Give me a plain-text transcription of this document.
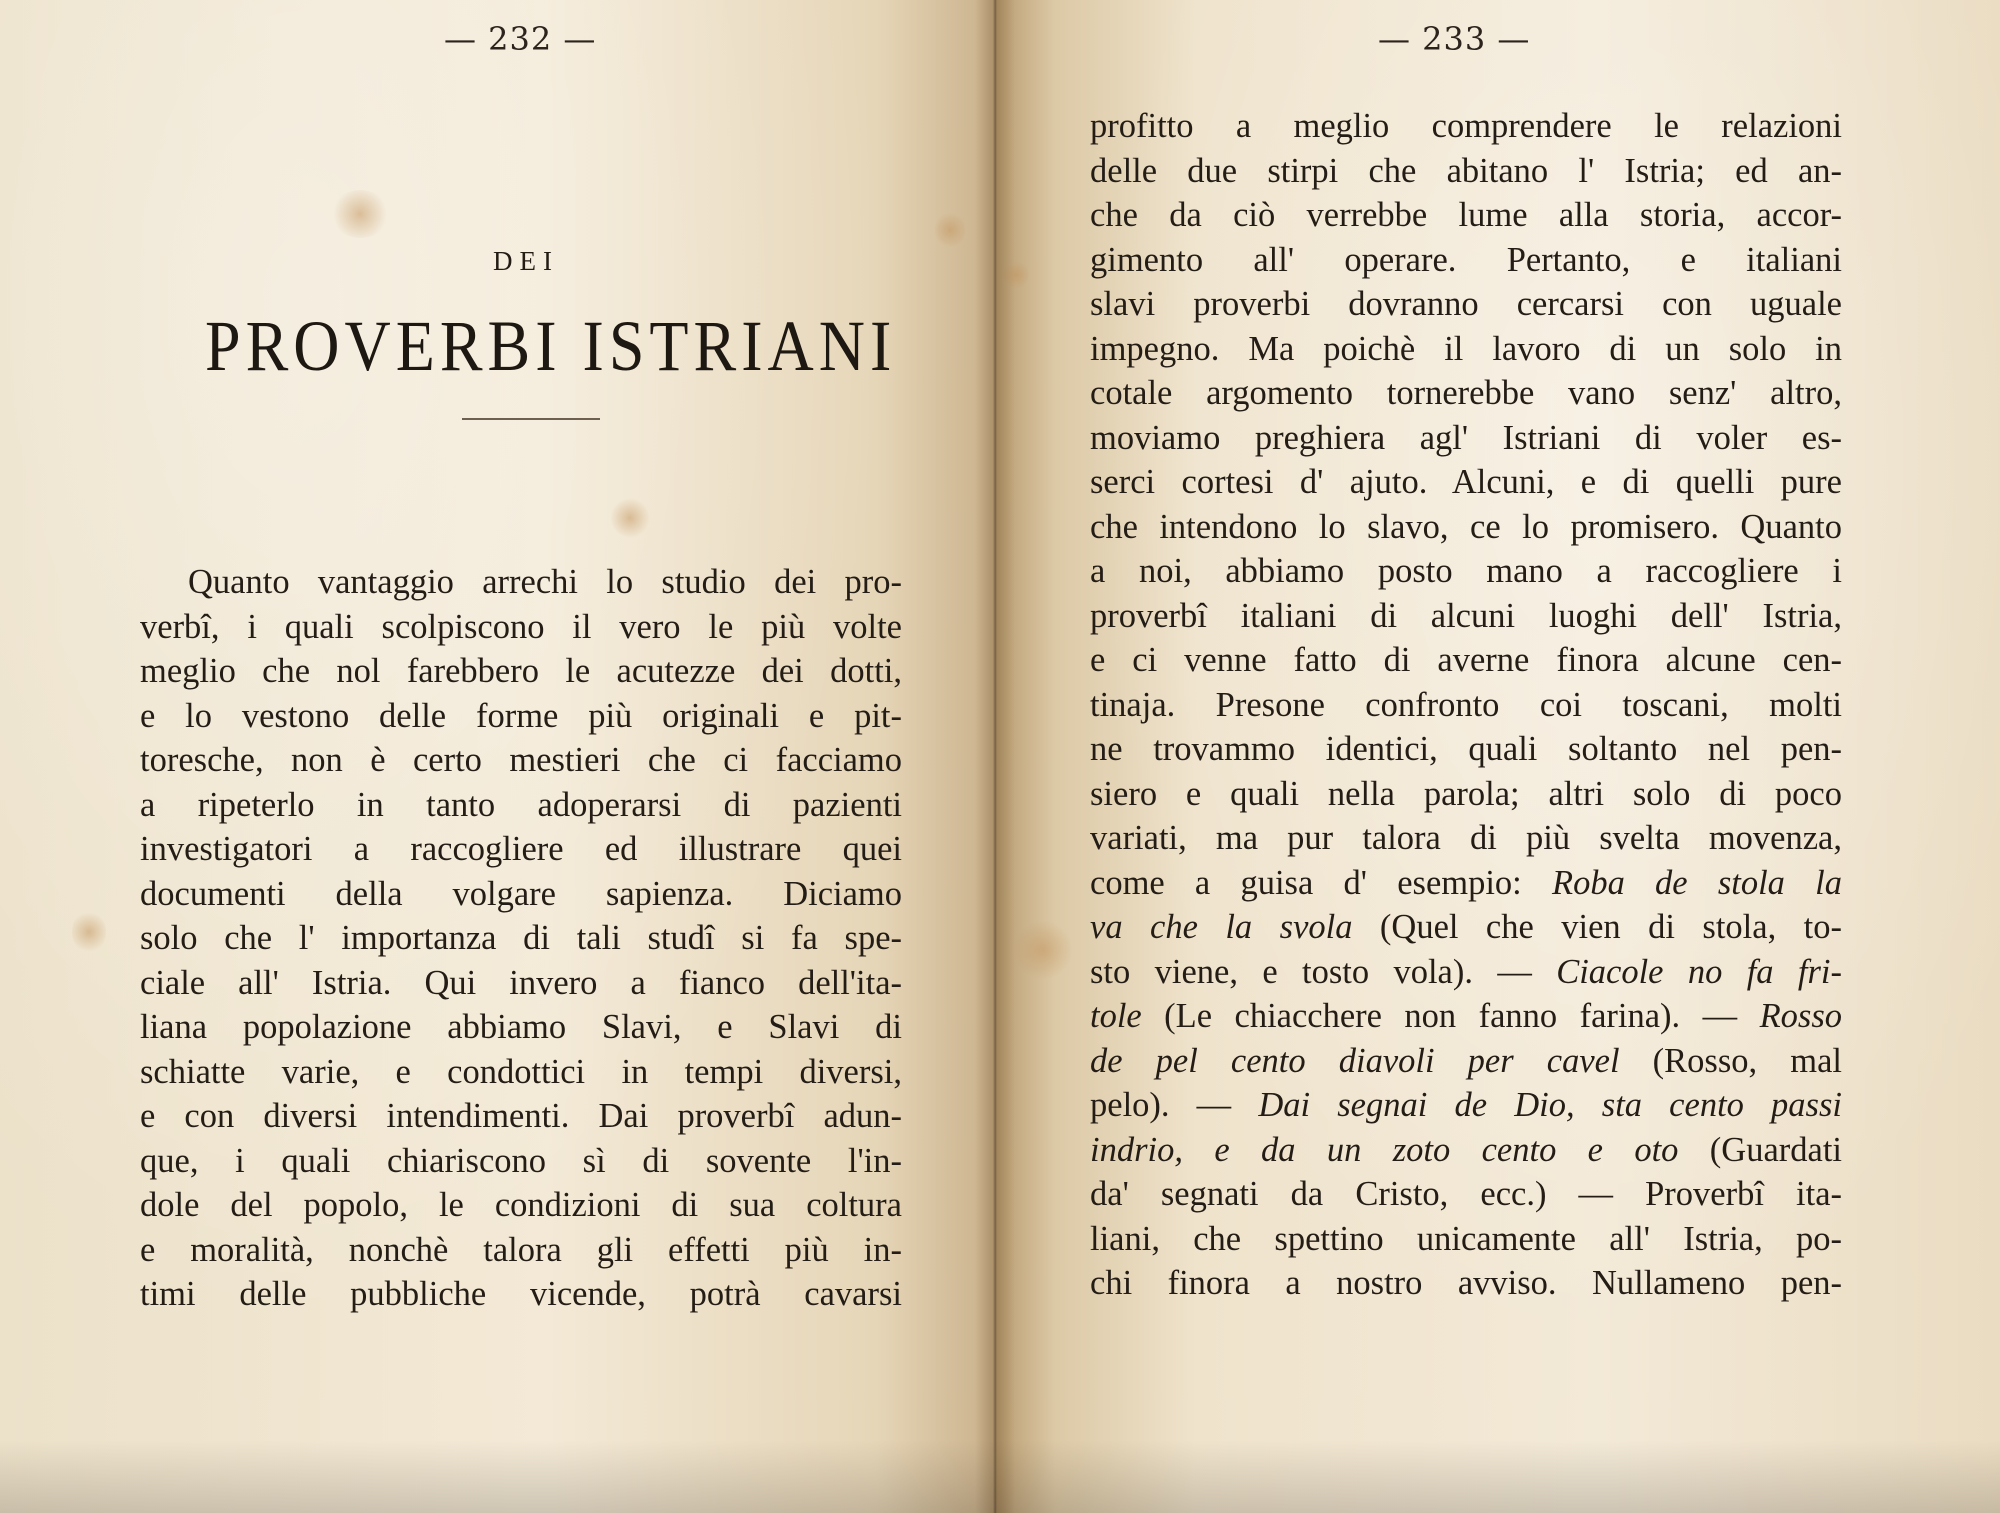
— 232 —
DEI
PROVERBI ISTRIANI
Quanto vantaggio arrechi lo studio dei pro-
verbî, i quali scolpiscono il vero le più volte
meglio che nol farebbero le acutezze dei dotti,
e lo vestono delle forme più originali e pit-
toresche, non è certo mestieri che ci facciamo
a ripeterlo in tanto adoperarsi di pazienti
investigatori a raccogliere ed illustrare quei
documenti della volgare sapienza. Diciamo
solo che l' importanza di tali studî si fa spe-
ciale all' Istria. Qui invero a fianco dell'ita-
liana popolazione abbiamo Slavi, e Slavi di
schiatte varie, e condottici in tempi diversi,
e con diversi intendimenti. Dai proverbî adun-
que, i quali chiariscono sì di sovente l'in-
dole del popolo, le condizioni di sua coltura
e moralità, nonchè talora gli effetti più in-
timi delle pubbliche vicende, potrà cavarsi
— 233 —
profitto a meglio comprendere le relazioni
delle due stirpi che abitano l' Istria; ed an-
che da ciò verrebbe lume alla storia, accor-
gimento all' operare. Pertanto, e italiani
slavi proverbi dovranno cercarsi con uguale
impegno. Ma poichè il lavoro di un solo in
cotale argomento tornerebbe vano senz' altro,
moviamo preghiera agl' Istriani di voler es-
serci cortesi d' ajuto. Alcuni, e di quelli pure
che intendono lo slavo, ce lo promisero. Quanto
a noi, abbiamo posto mano a raccogliere i
proverbî italiani di alcuni luoghi dell' Istria,
e ci venne fatto di averne finora alcune cen-
tinaja. Presone confronto coi toscani, molti
ne trovammo identici, quali soltanto nel pen-
siero e quali nella parola; altri solo di poco
variati, ma pur talora di più svelta movenza,
come a guisa d' esempio: Roba de stola la
va che la svola (Quel che vien di stola, to-
sto viene, e tosto vola). — Ciacole no fa fri-
tole (Le chiacchere non fanno farina). — Rosso
de pel cento diavoli per cavel (Rosso, mal
pelo). — Dai segnai de Dio, sta cento passi
indrio, e da un zoto cento e oto (Guardati
da' segnati da Cristo, ecc.) — Proverbî ita-
liani, che spettino unicamente all' Istria, po-
chi finora a nostro avviso. Nullameno pen-
